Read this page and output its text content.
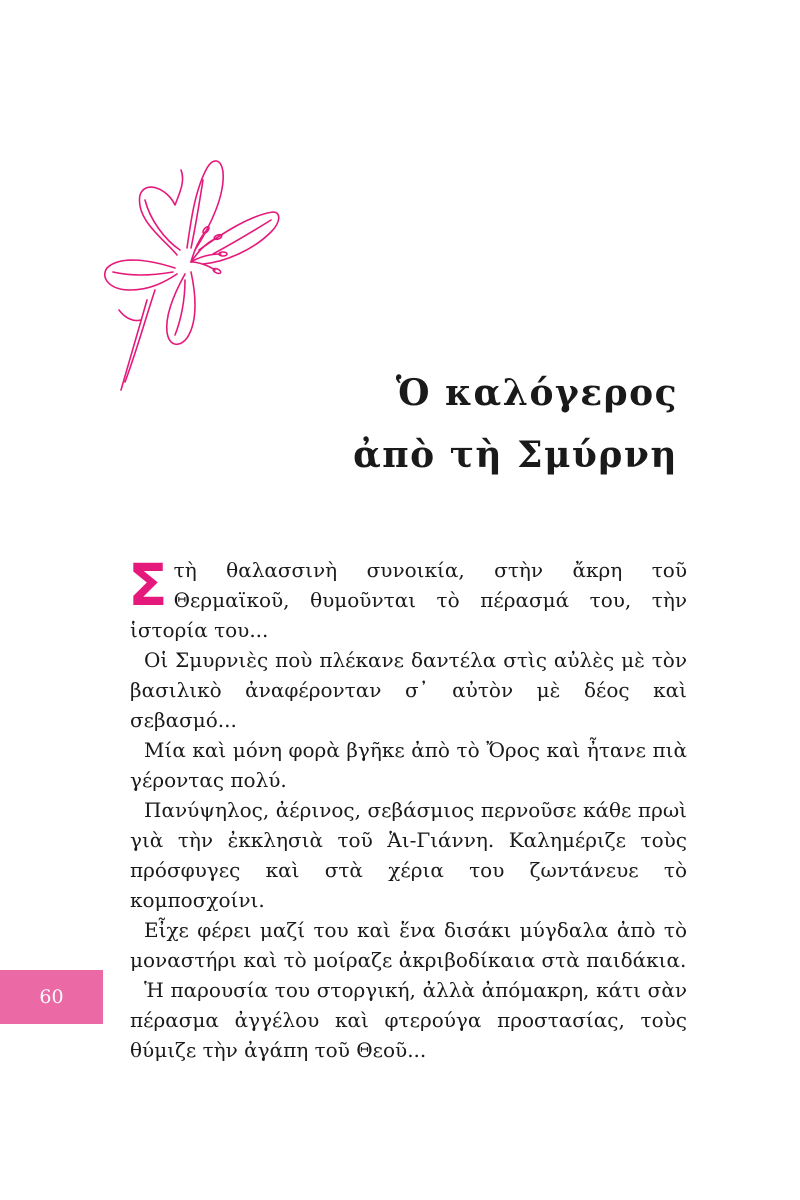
Ὁ καλόγερος
ἀπὸ τὴ Σμύρνη

Σ τὴ θαλασσινὴ συνοικία, στὴν ἄκρη τοῦ Θερμαϊκοῦ, θυμοῦνται τὸ πέρασμά του, τὴν ἱστορία του...

Οἱ Σμυρνιὲς ποὺ πλέκανε δαντέλα στὶς αὐλὲς μὲ τὸν βασιλικὸ ἀναφέρονταν σ᾽ αὐτὸν μὲ δέος καὶ σεβασμό...

Μία καὶ μόνη φορὰ βγῆκε ἀπὸ τὸ Ὄρος καὶ ἦτανε πιὰ γέροντας πολύ.

Πανύψηλος, ἀέρινος, σεβάσμιος περνοῦσε κάθε πρωὶ γιὰ τὴν ἐκκλησιὰ τοῦ Ἁι-Γιάννη. Καλημέριζε τοὺς πρόσφυγες καὶ στὰ χέρια του ζωντάνευε τὸ κομποσχοίνι.

Εἶχε φέρει μαζί του καὶ ἕνα δισάκι μύγδαλα ἀπὸ τὸ μοναστήρι καὶ τὸ μοίραζε ἀκριβοδίκαια στὰ παιδάκια.

Ἡ παρουσία του στοργική, ἀλλὰ ἀπόμακρη, κάτι σὰν πέρασμα ἀγγέλου καὶ φτερούγα προστασίας, τοὺς θύμιζε τὴν ἀγάπη τοῦ Θεοῦ...

60
